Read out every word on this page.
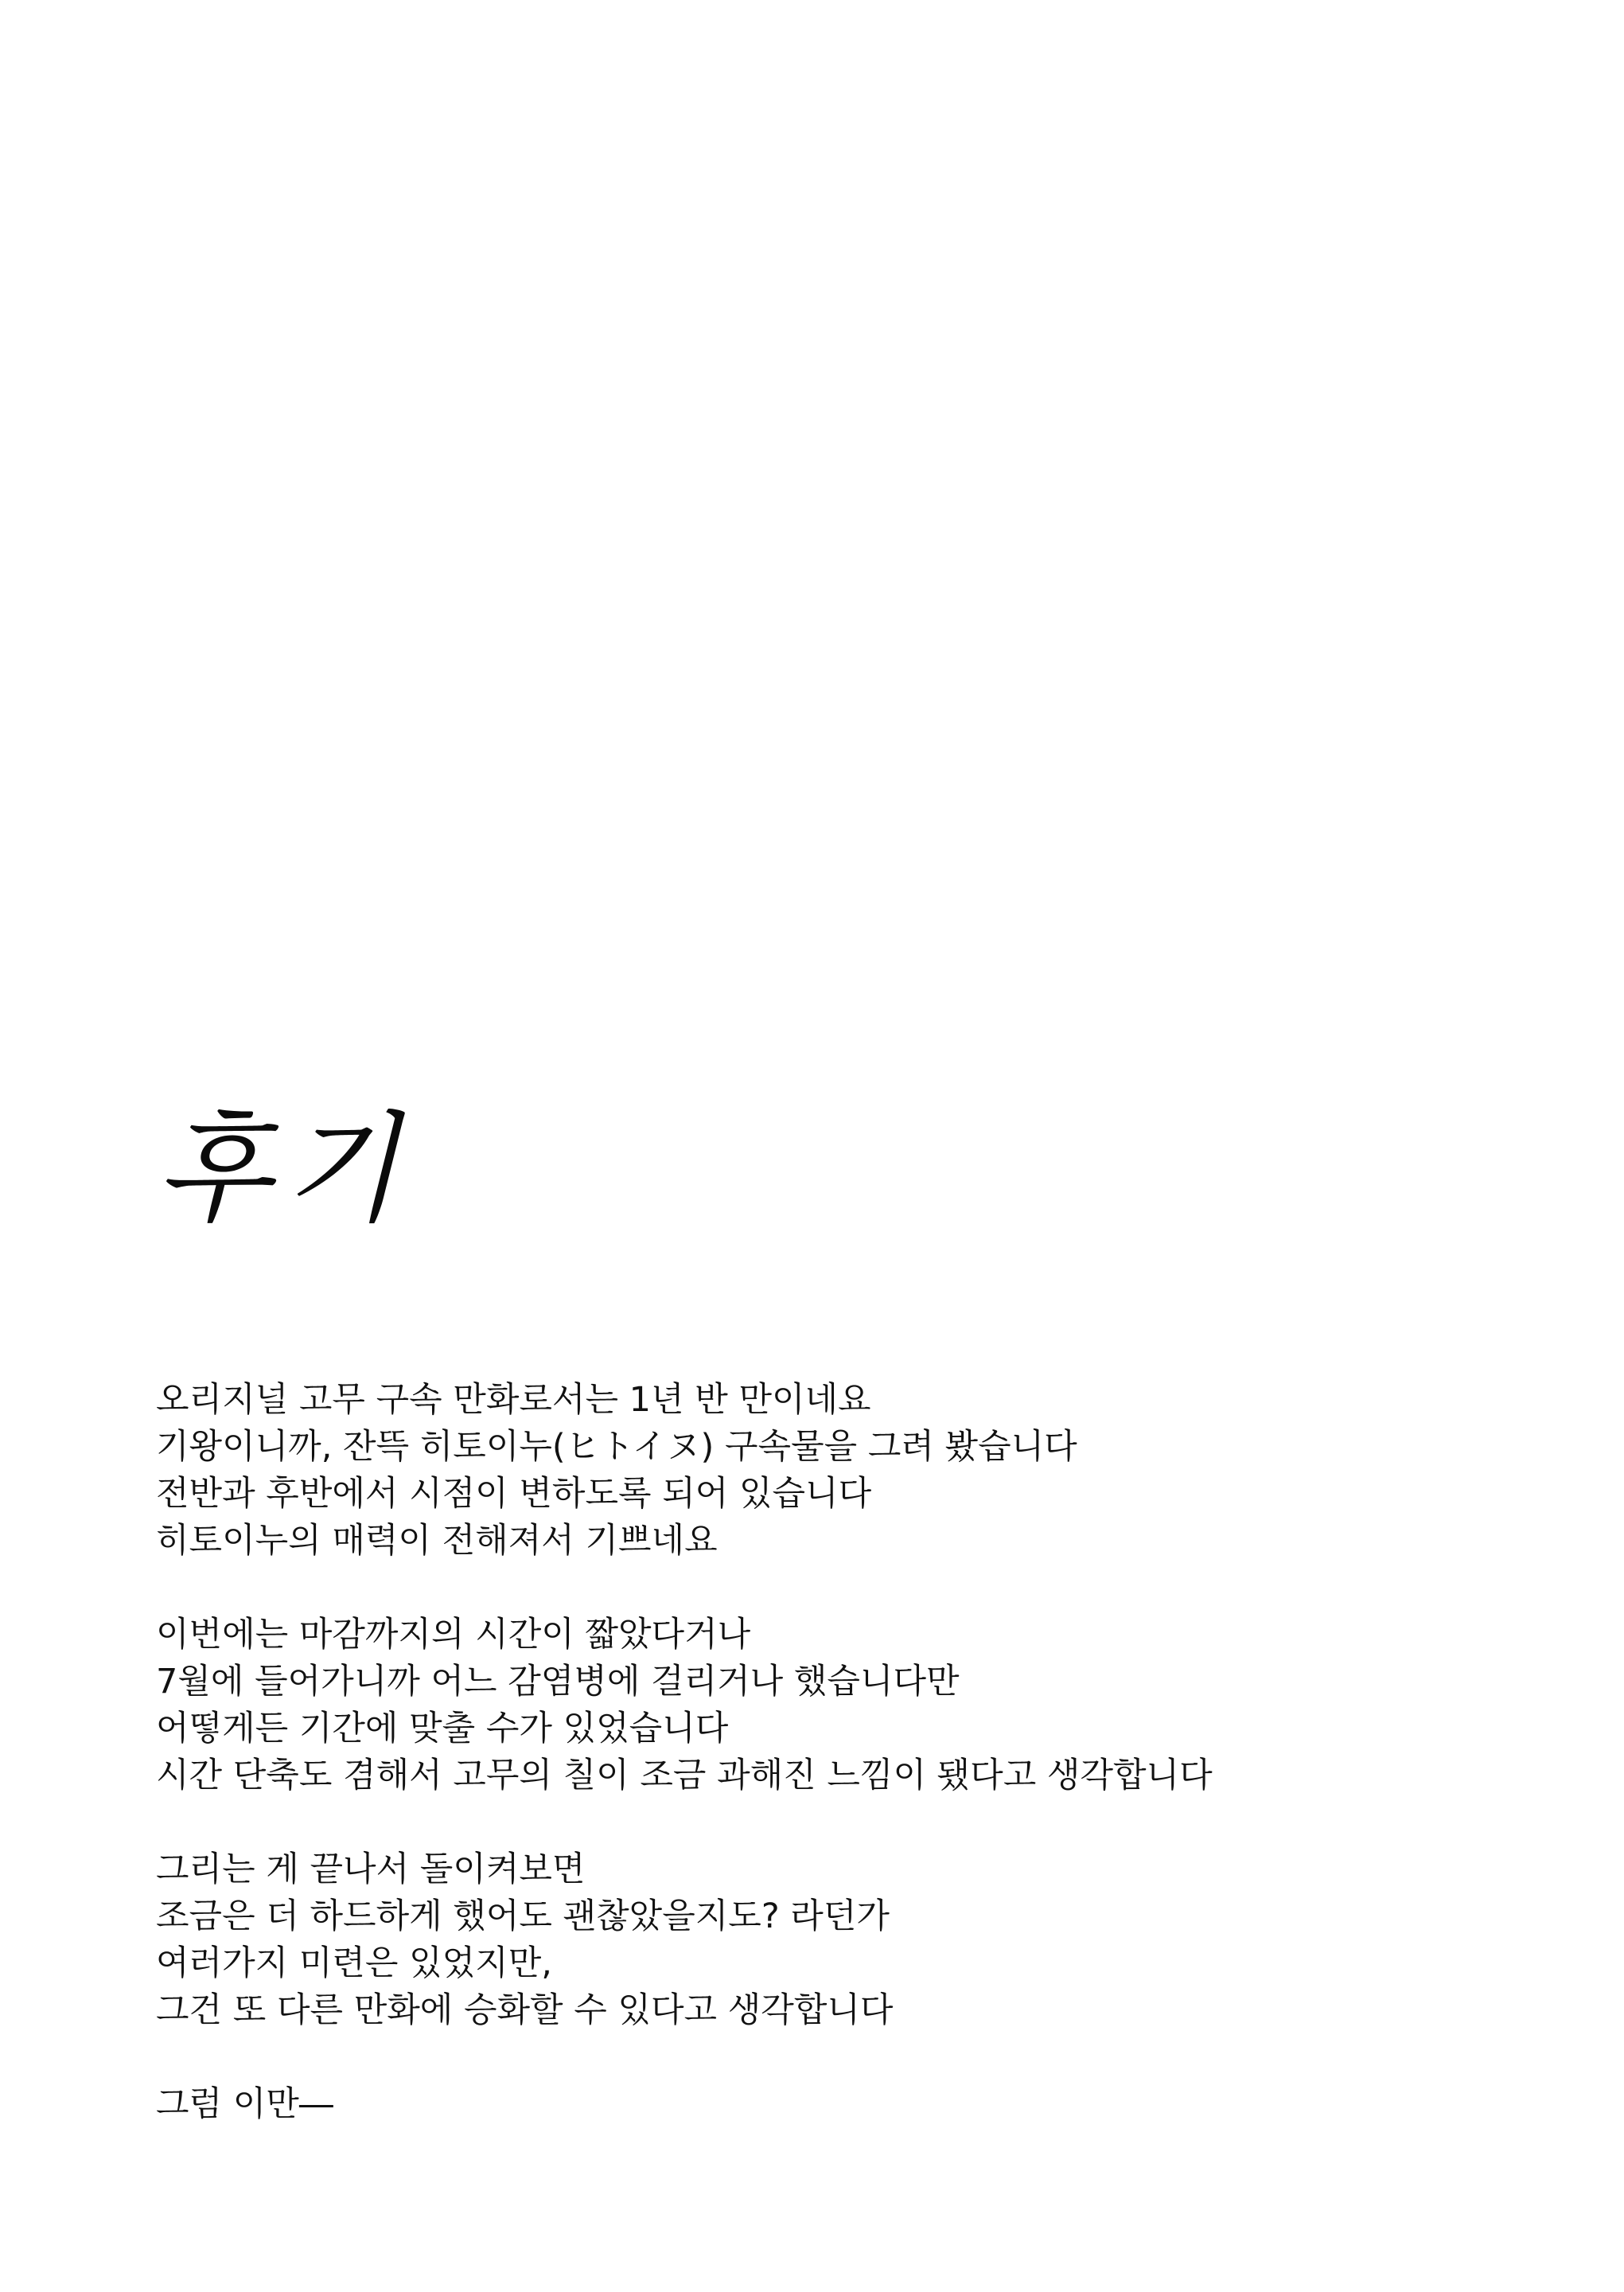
후기
오리지널 고무 구속 만화로서는 1년 반 만이네요
기왕이니까, 잔뜩 히토이누(ヒトイヌ) 구속물을 그려 봤습니다
전반과 후반에서 시점이 변하도록 되어 있습니다
히토이누의 매력이 전해져서 기쁘네요
이번에는 마감까지의 시간이 짧았다거나
7월에 들어가니까 어느 감염병에 걸리거나 했습니다만
어떻게든 기간에 맞출 수가 있었습니다
시간 단축도 겸해서 고무의 칠이 조금 과해진 느낌이 됐다고 생각합니다
그리는 게 끝나서 돌이켜보면
조금은 더 하드하게 했어도 괜찮았을지도? 라던가
여러가지 미련은 있었지만,
그건 또 다른 만화에 승화할 수 있다고 생각합니다
그럼 이만―
